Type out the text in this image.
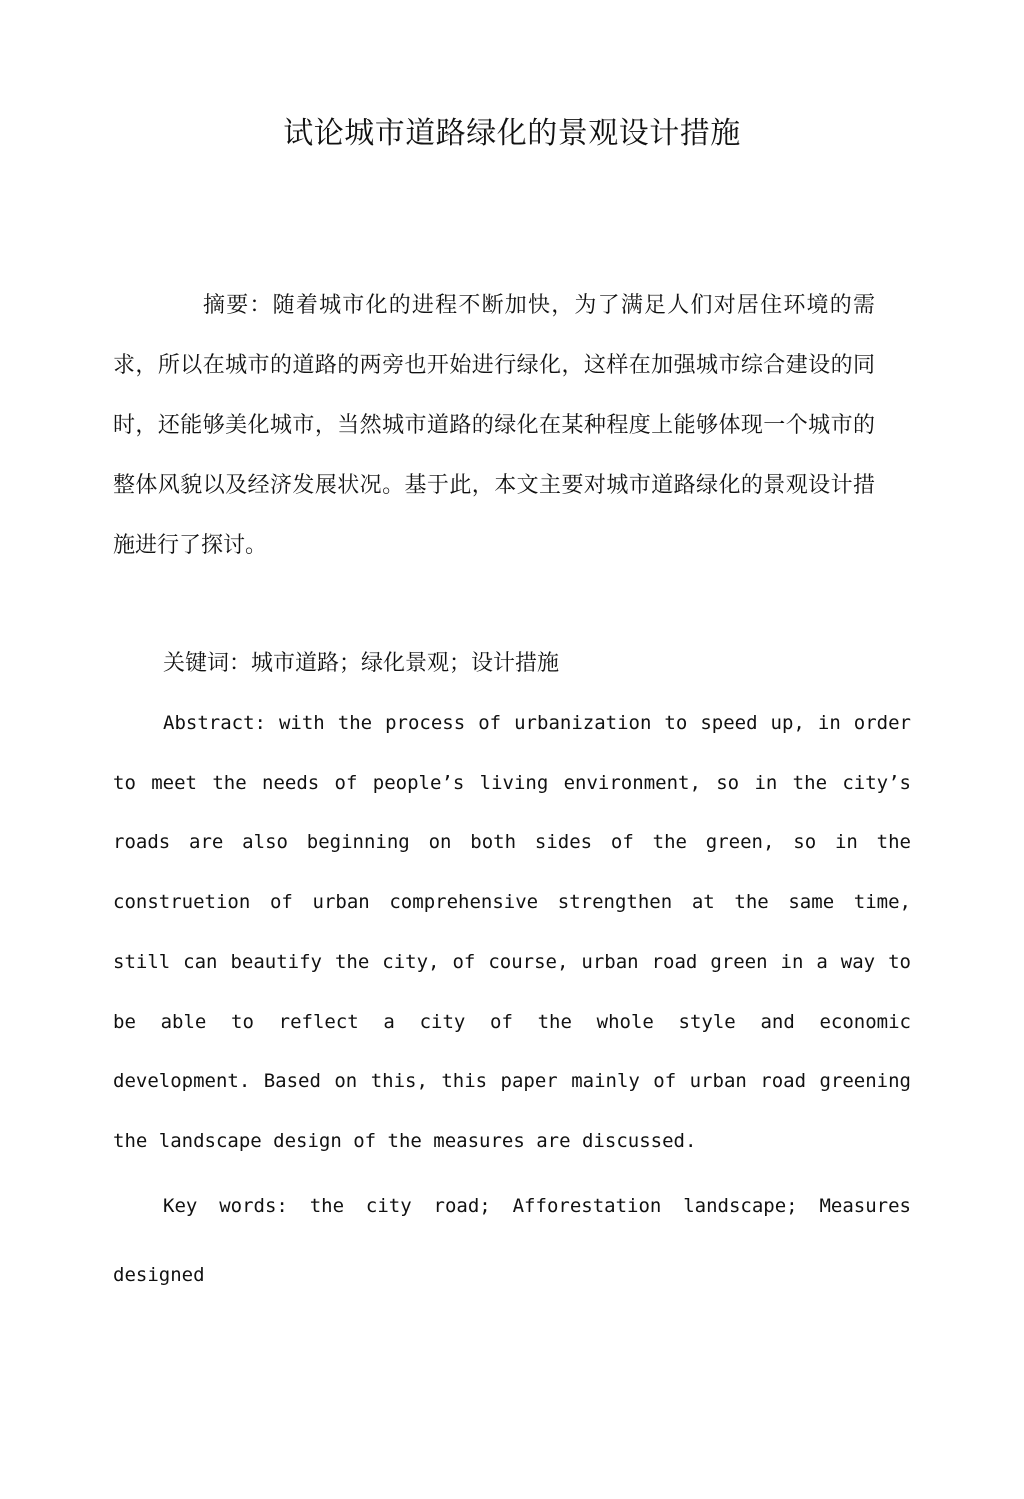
试论城市道路绿化的景观设计措施

摘要：随着城市化的进程不断加快，为了满足人们对居住环境的需求，所以在城市的道路的两旁也开始进行绿化，这样在加强城市综合建设的同时，还能够美化城市，当然城市道路的绿化在某种程度上能够体现一个城市的整体风貌以及经济发展状况。基于此，本文主要对城市道路绿化的景观设计措施进行了探讨。

关键词：城市道路；绿化景观；设计措施

Abstract: with the process of urbanization to speed up, in order to meet the needs of people’s living environment, so in the city’s roads are also beginning on both sides of the green, so in the construetion of urban comprehensive strengthen at the same time, still can beautify the city, of course, urban road green in a way to be able to reflect a city of the whole style and economic development. Based on this, this paper mainly of urban road greening the landscape design of the measures are discussed.

Key words: the city road; Afforestation landscape; Measures designed
